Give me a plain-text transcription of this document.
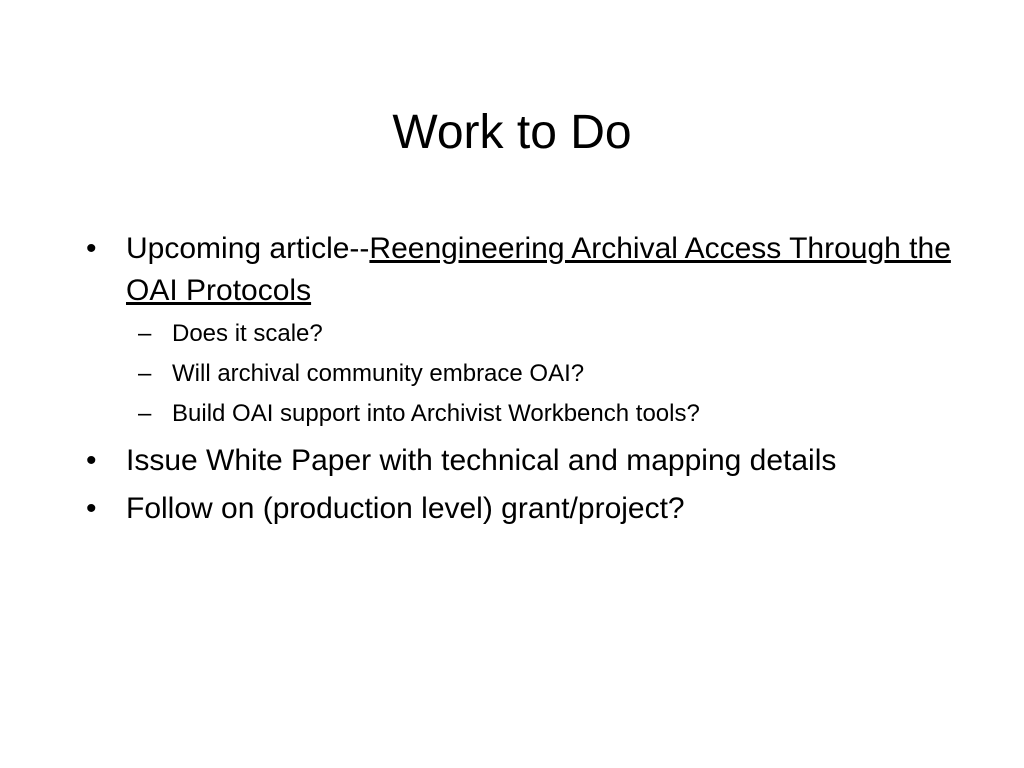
Work to Do
• Upcoming article--Reengineering Archival Access Through the OAI Protocols
– Does it scale?
– Will archival community embrace OAI?
– Build OAI support into Archivist Workbench tools?
• Issue White Paper with technical and mapping details
• Follow on (production level) grant/project?
